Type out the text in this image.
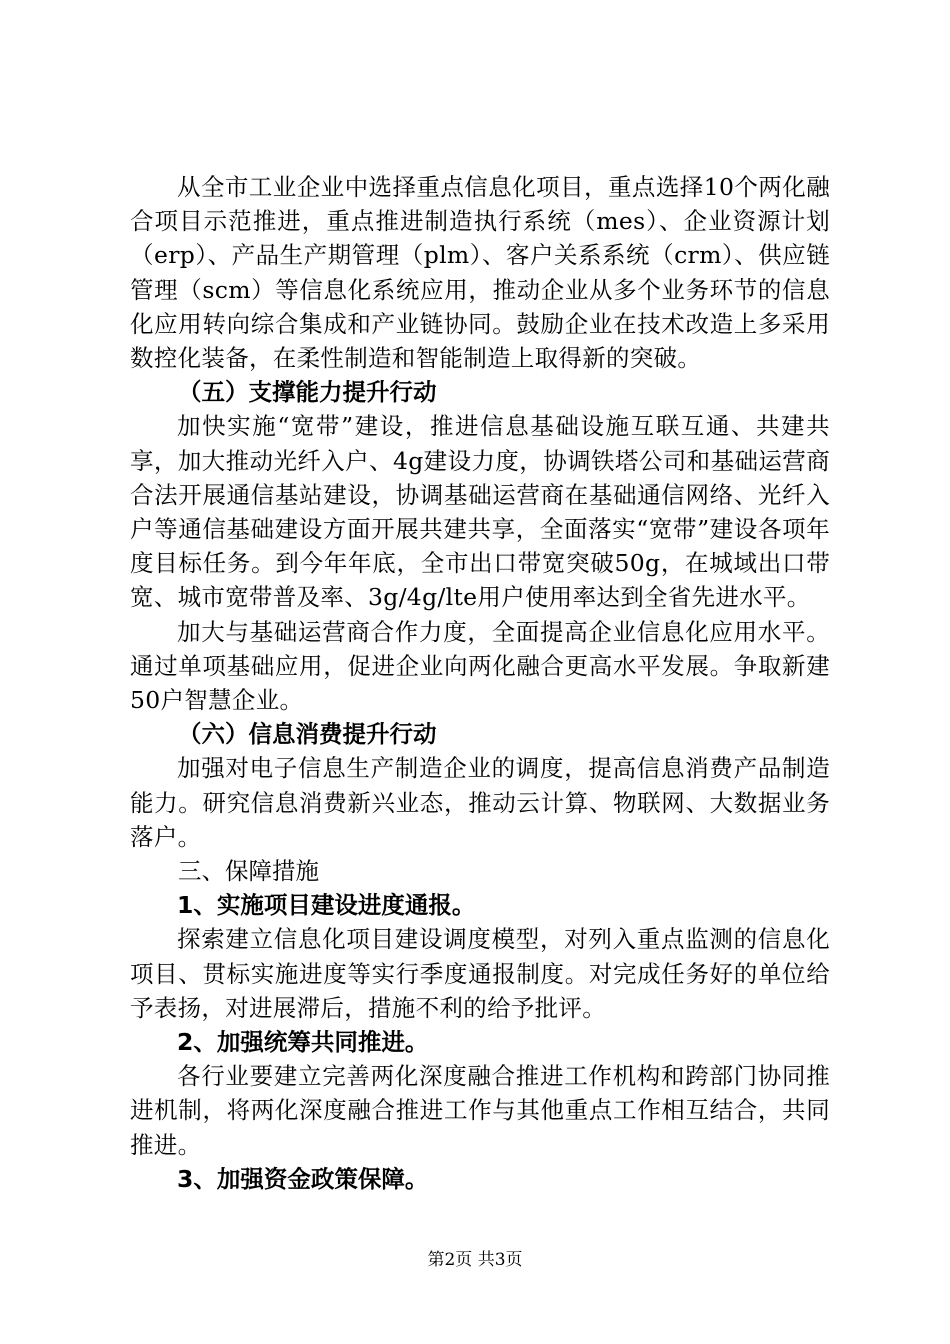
从全市工业企业中选择重点信息化项目，重点选择10个两化融合项目示范推进，重点推进制造执行系统（mes）、企业资源计划（erp）、产品生产期管理（plm）、客户关系系统（crm）、供应链管理（scm）等信息化系统应用，推动企业从多个业务环节的信息化应用转向综合集成和产业链协同。鼓励企业在技术改造上多采用数控化装备，在柔性制造和智能制造上取得新的突破。

（五）支撑能力提升行动

加快实施“宽带”建设，推进信息基础设施互联互通、共建共享，加大推动光纤入户、4g建设力度，协调铁塔公司和基础运营商合法开展通信基站建设，协调基础运营商在基础通信网络、光纤入户等通信基础建设方面开展共建共享，全面落实“宽带”建设各项年度目标任务。到今年年底，全市出口带宽突破50g，在城域出口带宽、城市宽带普及率、3g/4g/lte用户使用率达到全省先进水平。

加大与基础运营商合作力度，全面提高企业信息化应用水平。通过单项基础应用，促进企业向两化融合更高水平发展。争取新建50户智慧企业。

（六）信息消费提升行动

加强对电子信息生产制造企业的调度，提高信息消费产品制造能力。研究信息消费新兴业态，推动云计算、物联网、大数据业务落户。

三、保障措施

1、实施项目建设进度通报。

探索建立信息化项目建设调度模型，对列入重点监测的信息化项目、贯标实施进度等实行季度通报制度。对完成任务好的单位给予表扬，对进展滞后，措施不利的给予批评。

2、加强统筹共同推进。

各行业要建立完善两化深度融合推进工作机构和跨部门协同推进机制，将两化深度融合推进工作与其他重点工作相互结合，共同推进。

3、加强资金政策保障。

第2页 共3页
